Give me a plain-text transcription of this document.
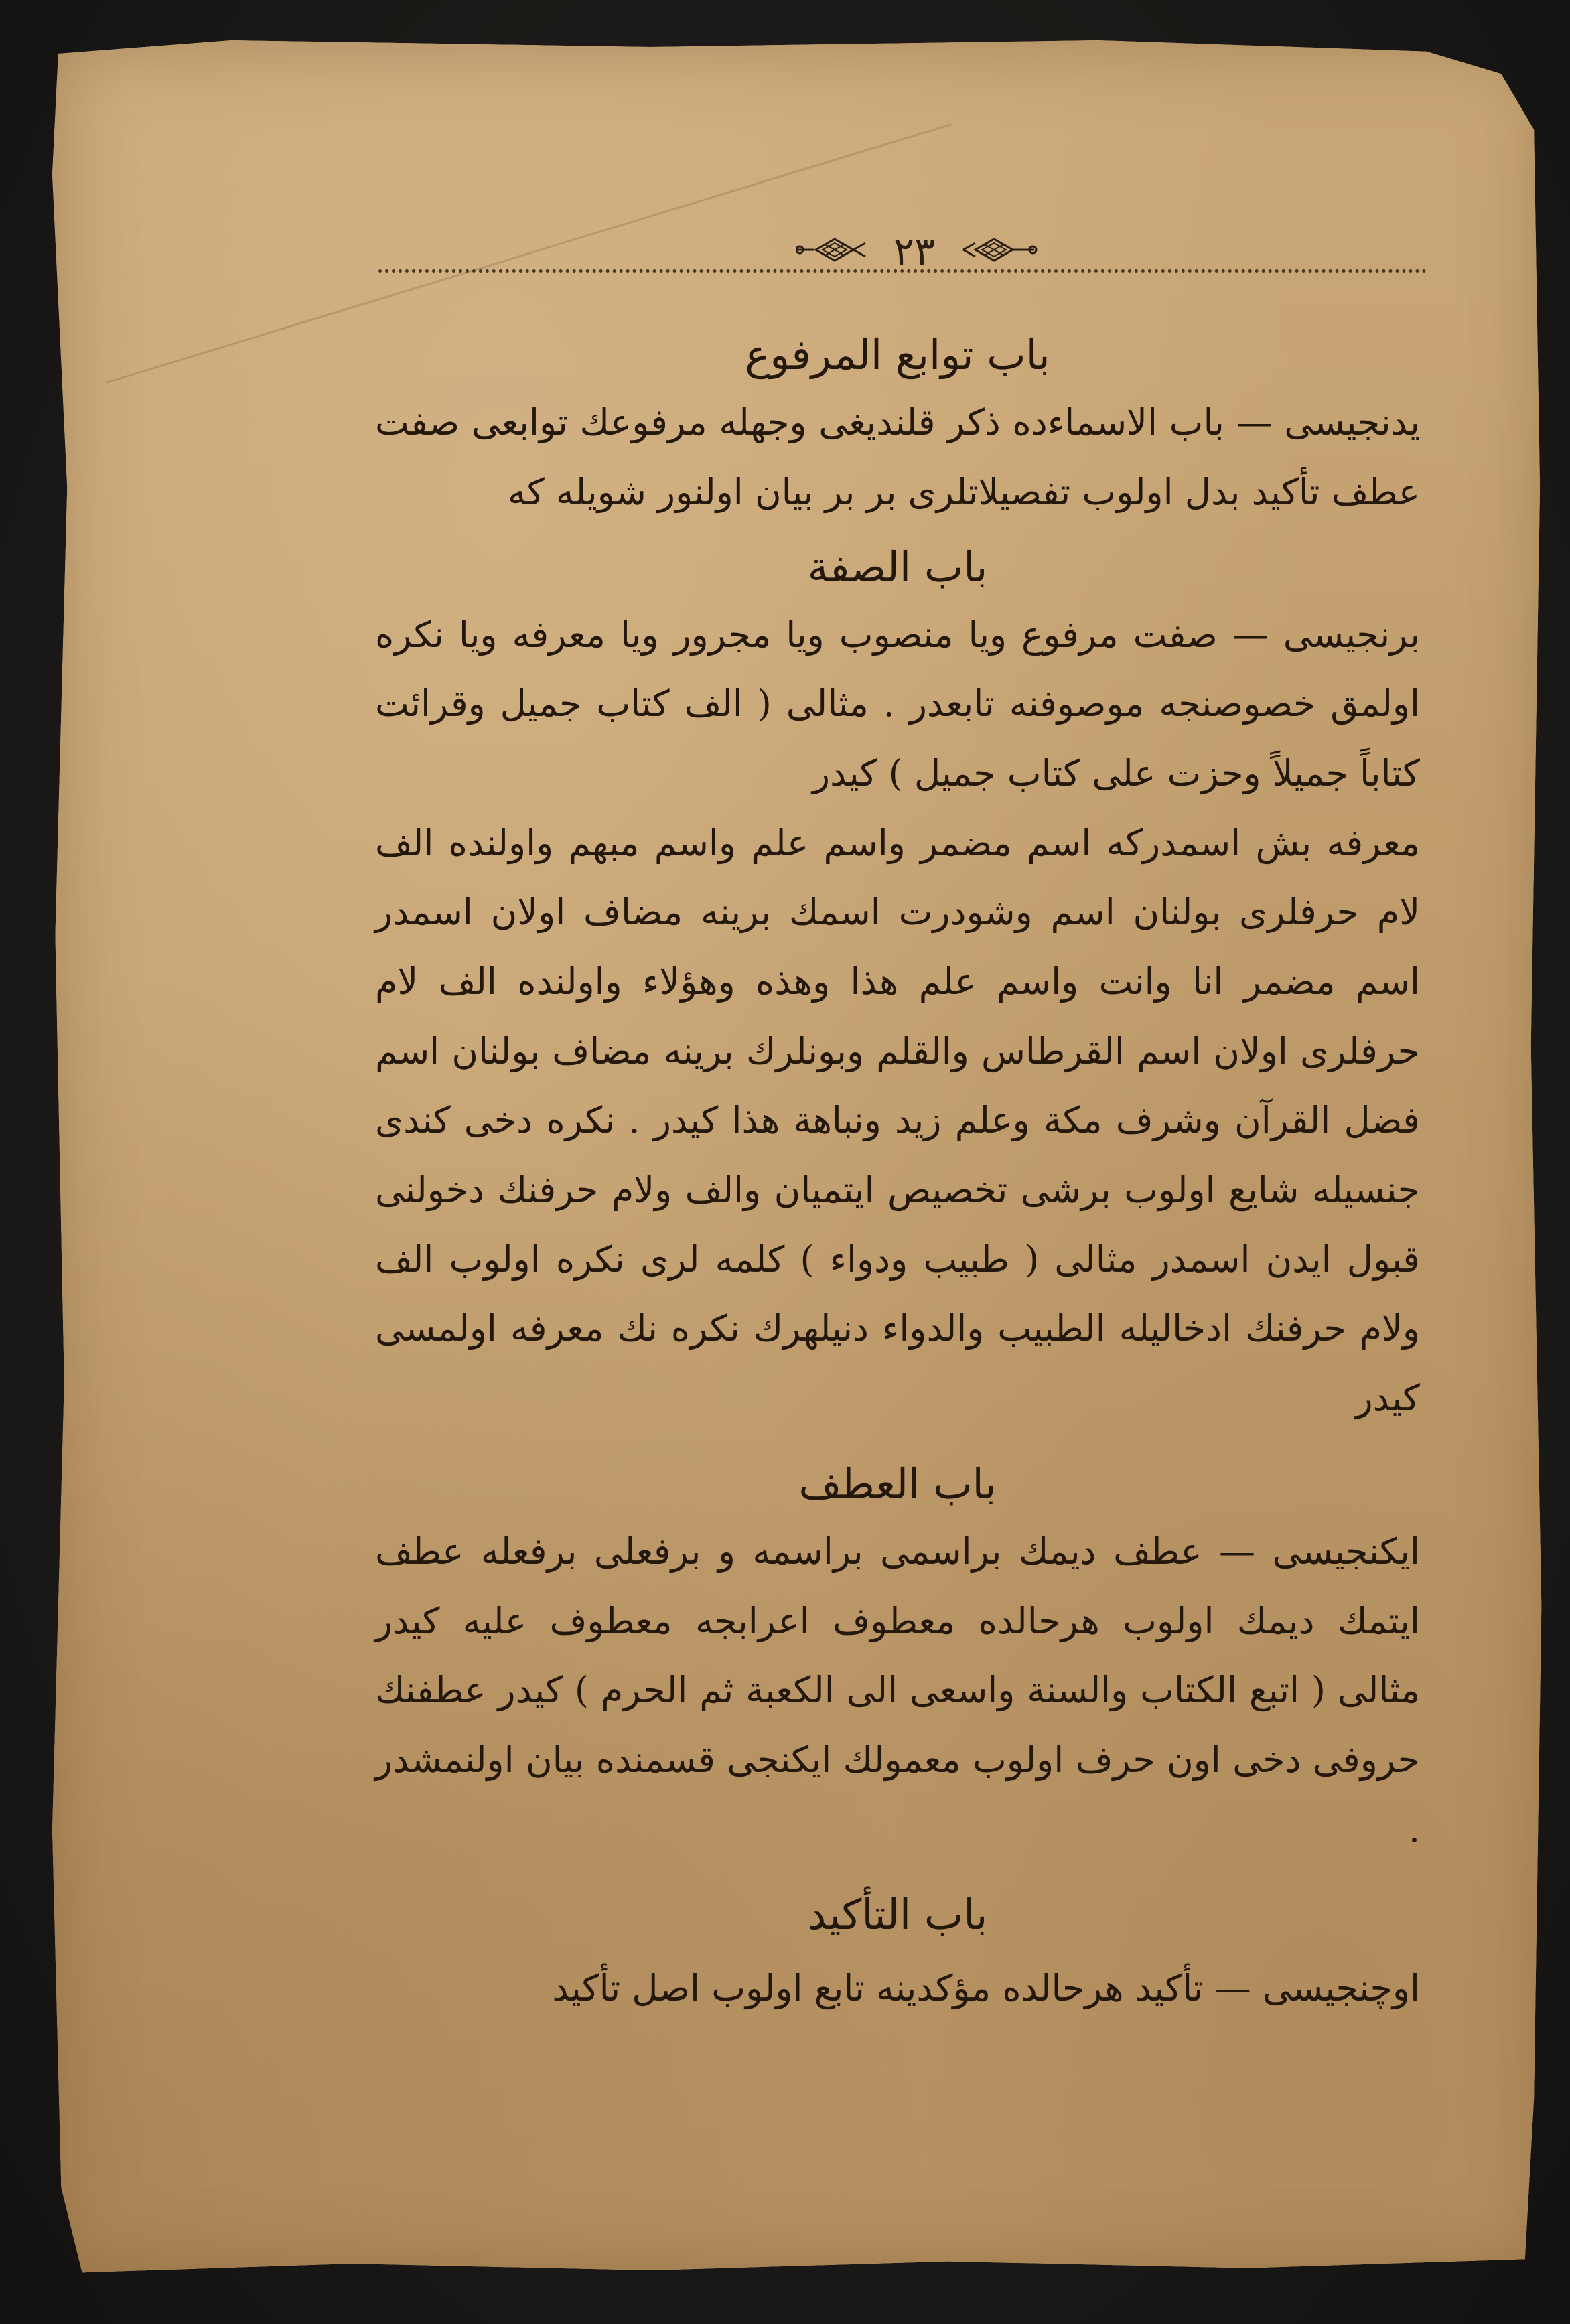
٢٣
باب توابع المرفوع

يدنجيسى — باب الاسماءده ذكر قلنديغى وجهله مرفوعك توابعى صفت عطف تأكيد بدل اولوب تفصيلاتلرى بر بر بيان اولنور شويله كه

باب الصفة

برنجيسى — صفت مرفوع ويا منصوب ويا مجرور ويا معرفه ويا نكره اولمق خصوصنجه موصوفنه تابعدر . مثالى ( الف كتاب جميل وقرائت كتاباً جميلاً وحزت على كتاب جميل ) كيدر

معرفه بش اسمدركه اسم مضمر واسم علم واسم مبهم واولنده الف لام حرفلرى بولنان اسم وشودرت اسمك برينه مضاف اولان اسمدر اسم مضمر انا وانت واسم علم هذا وهذه وهؤلاء واولنده الف لام حرفلرى اولان اسم القرطاس والقلم وبونلرك برينه مضاف بولنان اسم فضل القرآن وشرف مكة وعلم زيد ونباهة هذا كيدر . نكره دخى كندى جنسيله شايع اولوب برشى تخصيص ايتميان والف ولام حرفنك دخولنى قبول ايدن اسمدر مثالى ( طبيب ودواء ) كلمه لرى نكره اولوب الف ولام حرفنك ادخاليله الطبيب والدواء دنيلهرك نكره نك معرفه اولمسى كيدر

باب العطف

ايكنجيسى — عطف ديمك براسمى براسمه و برفعلى برفعله عطف ايتمك ديمك اولوب هرحالده معطوف اعرابجه معطوف عليه كيدر مثالى ( اتبع الكتاب والسنة واسعى الى الكعبة ثم الحرم ) كيدر عطفنك حروفى دخى اون حرف اولوب معمولك ايكنجى قسمنده بيان اولنمشدر .

باب التأكيد

اوچنجيسى — تأكيد هرحالده مؤكدينه تابع اولوب اصل تأكيد
